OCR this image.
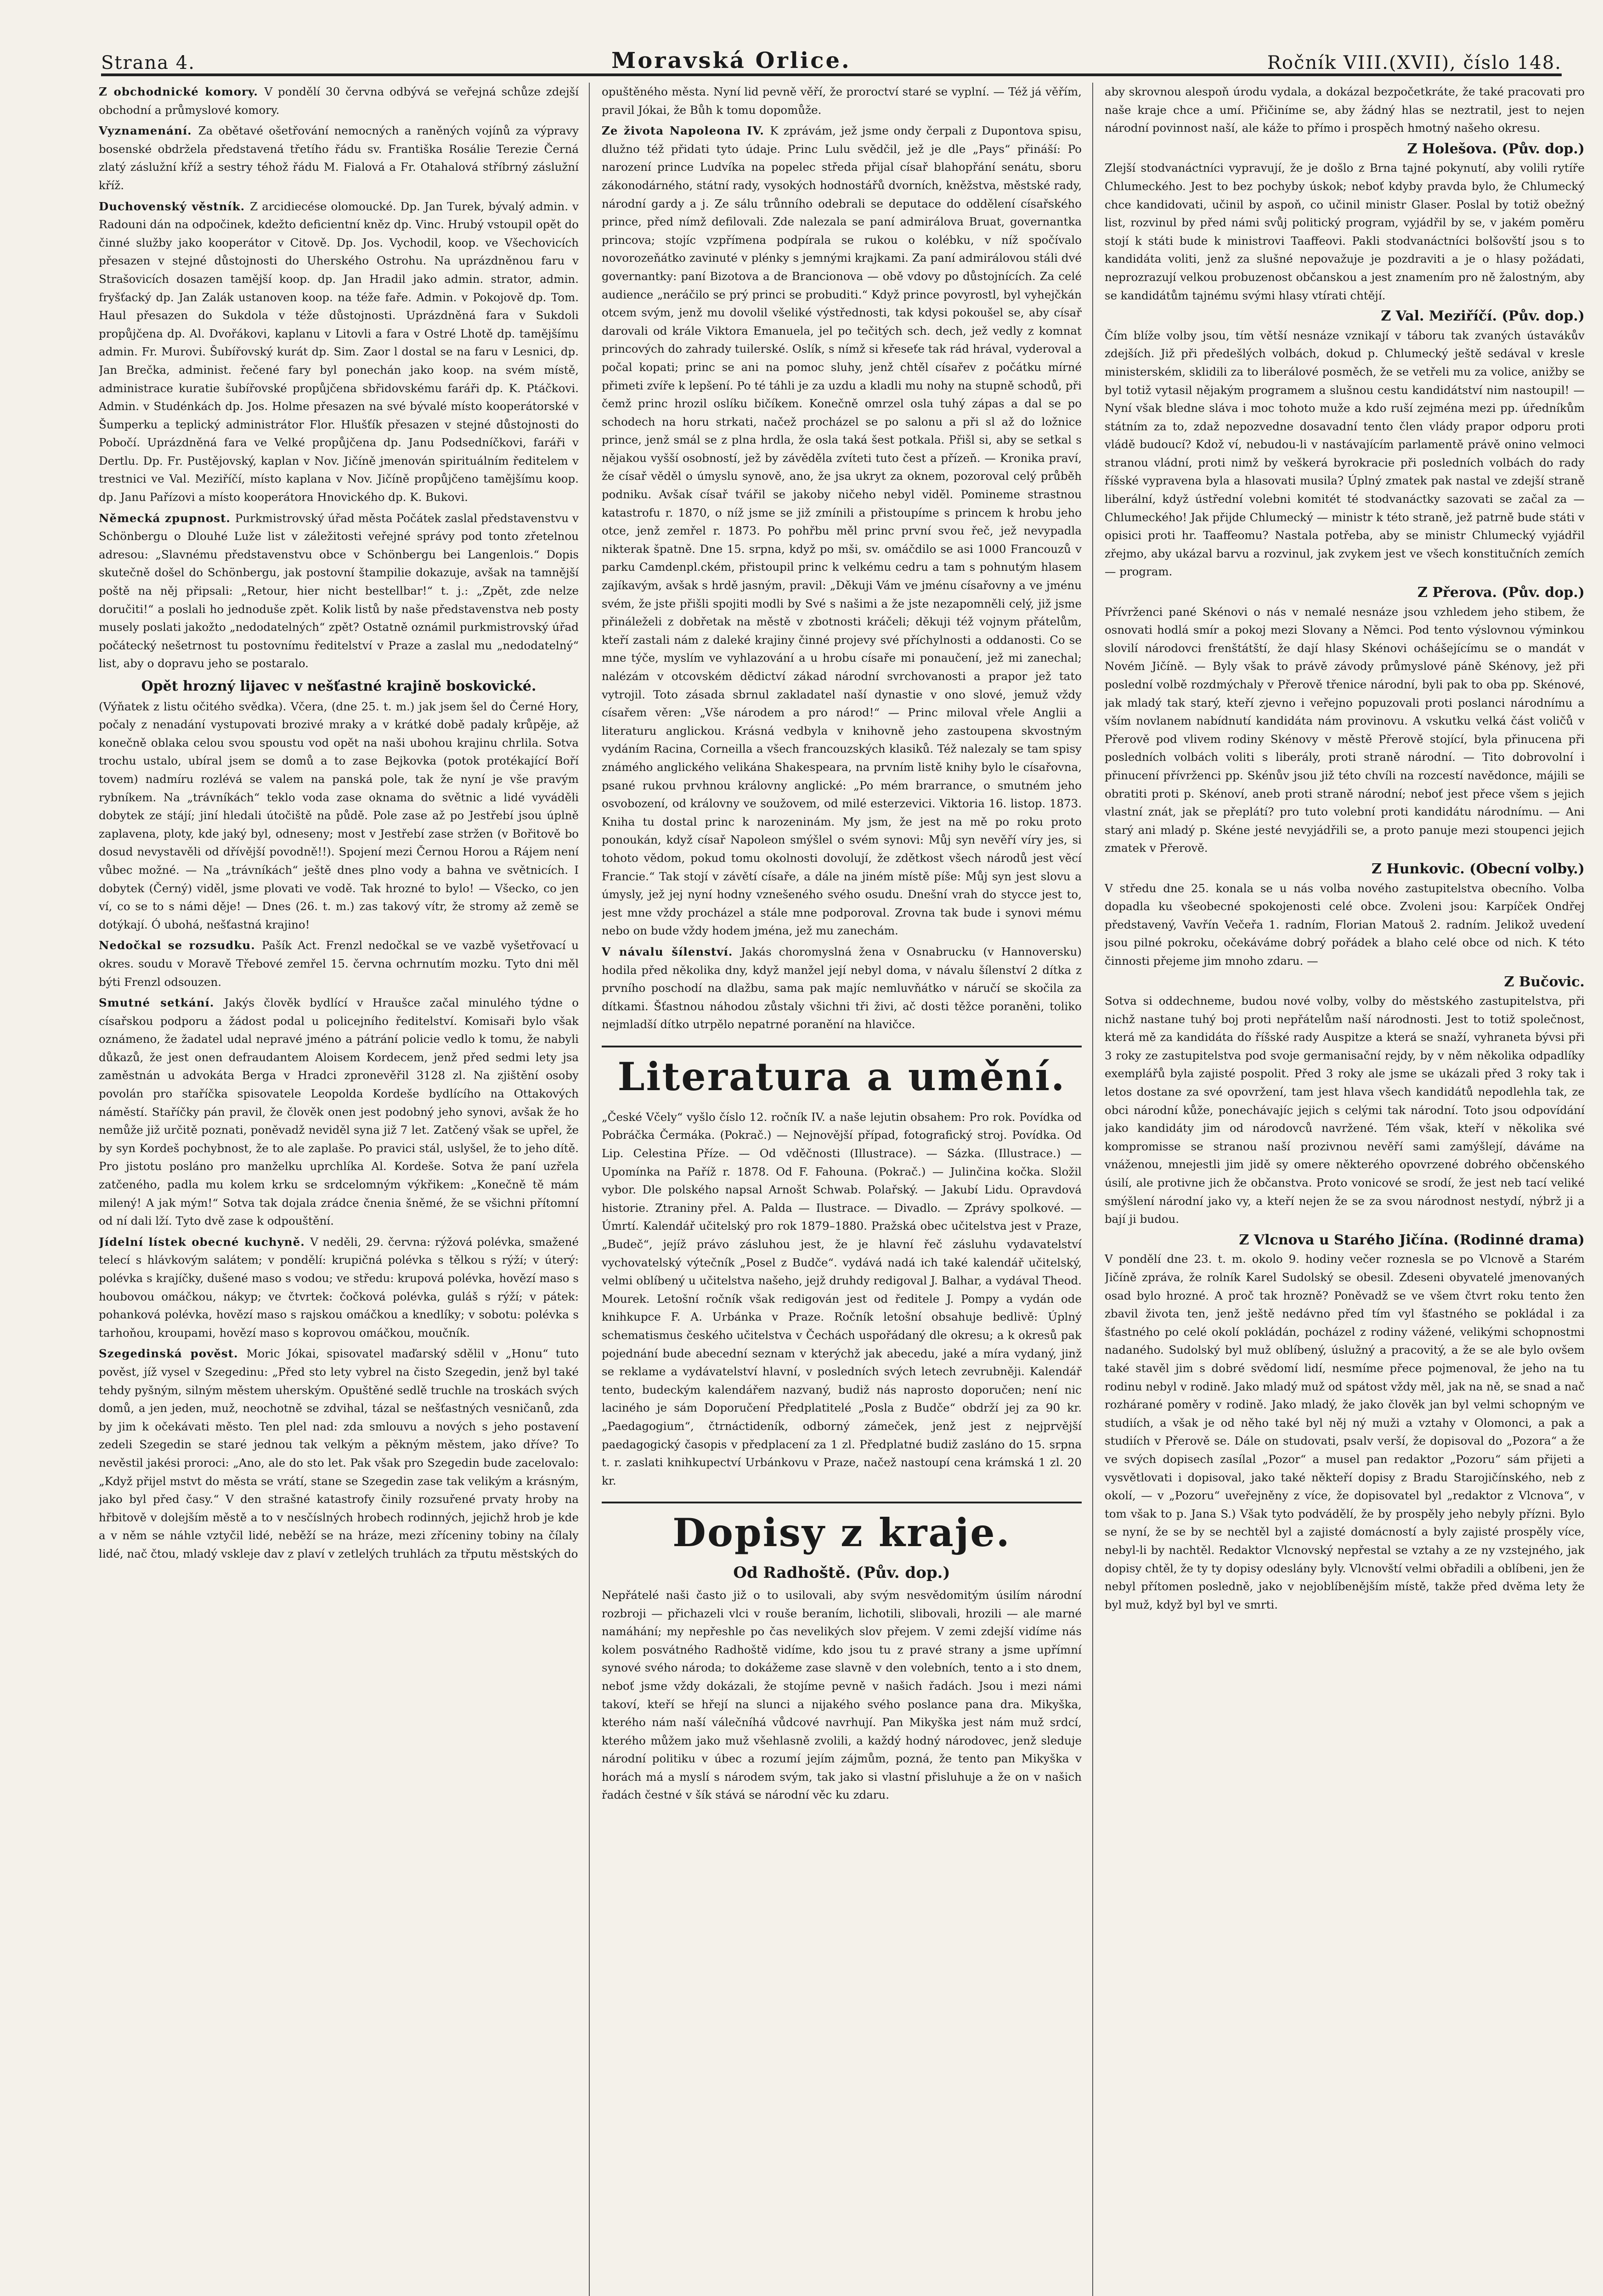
Strana 4.	Moravská Orlice.	Ročník VIII.(XVII), číslo 148.

Z obchodnické komory. V pondělí 30 června odbývá se veřejná schůze zdejší obchodní a průmyslové komory.

Vyznamenání. Za obětavé ošetřování nemocných a raněných vojínů za výpravy bosenské obdržela představená třetího řádu sv. Františka Rosálie Terezie Černá zlatý záslužní kříž a sestry téhož řádu M. Fialová a Fr. Otahalová stříbrný záslužní kříž.

Duchovenský věstník. Z arcidiecése olomoucké. Dp. Jan Turek, bývalý admin. v Radouni dán na odpočinek, kdežto deficientní kněz dp. Vinc. Hrubý vstoupil opět do činné služby jako kooperátor v Citově. Dp. Jos. Vychodil, koop. ve Všechovicích přesazen v stejné důstojnosti do Uherského Ostrohu. Na uprázdněnou faru v Strašovicích dosazen tamější koop. dp. Jan Hradil jako admin. strator, admin. fryšťacký dp. Jan Zalák ustanoven koop. na téže faře. Admin. v Pokojově dp. Tom. Haul přesazen do Sukdola v téže důstojnosti. Uprázdněná fara v Sukdoli propůjčena dp. Al. Dvořákovi, kaplanu v Litovli a fara v Ostré Lhotě dp. tamějšímu admin. Fr. Murovi. Šubířovský kurát dp. Sim. Zaor l dostal se na faru v Lesnici, dp. Jan Brečka, administ. řečené fary byl ponechán jako koop. na svém místě, administrace kuratie šubířovské propůjčena sbřidovskému faráři dp. K. Ptáčkovi. Admin. v Studénkách dp. Jos. Holme přesazen na své bývalé místo kooperátorské v Šumperku a teplický administrátor Flor. Hlušťík přesazen v stejné důstojnosti do Pobočí. Uprázdněná fara ve Velké propůjčena dp. Janu Podsedníčkovi, faráři v Dertlu. Dp. Fr. Pustějovský, kaplan v Nov. Jičíně jmenován spirituálním ředitelem v trestnici ve Val. Meziříčí, místo kaplana v Nov. Jičíně propůjčeno tamějšímu koop. dp. Janu Pařízovi a místo kooperátora Hnovického dp. K. Bukovi.

Německá zpupnost. Purkmistrovský úřad města Počátek zaslal představenstvu v Schönbergu o Dlouhé Luže list v záležitosti veřejné správy pod tonto zřetelnou adresou: „Slavnému představenstvu obce v Schönbergu bei Langenlois.“ Dopis skutečně došel do Schönbergu, jak postovní štampilie dokazuje, avšak na tamnější poště na něj připsali: „Retour, hier nicht bestellbar!“ t. j.: „Zpět, zde nelze doručiti!“ a poslali ho jednoduše zpět. Kolik listů by naše představenstva neb posty musely poslati jakožto „nedodatelných“ zpět? Ostatně oznámil purkmistrovský úřad počátecký nešetrnost tu postovnímu ředitelství v Praze a zaslal mu „nedodatelný“ list, aby o dopravu jeho se postaralo.

Opět hrozný lijavec v nešťastné krajině boskovické.

(Výňatek z listu očitého svědka). Včera, (dne 25. t. m.) jak jsem šel do Černé Hory, počaly z nenadání vystupovati brozivé mraky a v krátké době padaly krůpěje, až konečně oblaka celou svou spoustu vod opět na naši ubohou krajinu chrlila. Sotva trochu ustalo, ubíral jsem se domů a to zase Bejkovka (potok protékající Boří tovem) nadmíru rozlévá se valem na panská pole, tak že nyní je vše pravým rybníkem. Na „trávníkách“ teklo voda zase oknama do světnic a lidé vyváděli dobytek ze stájí; jiní hledali útočiště na půdě. Pole zase až po Jestřebí jsou úplně zaplavena, ploty, kde jaký byl, odneseny; most v Jestřebí zase stržen (v Bořitově bo dosud nevystavěli od dřívější povodně!!). Spojení mezi Černou Horou a Rájem není vůbec možné. — Na „trávníkách“ ještě dnes plno vody a bahna ve světnicích. I dobytek (Černý) viděl, jsme plovati ve vodě. Tak hrozné to bylo! — Všecko, co jen ví, co se to s námi děje! — Dnes (26. t. m.) zas takový vítr, že stromy až země se dotýkají. Ó ubohá, nešťastná krajino!

Nedočkal se rozsudku. Pašík Act. Frenzl nedočkal se ve vazbě vyšetřovací u okres. soudu v Moravě Třebové zemřel 15. června ochrnutím mozku. Tyto dni měl býti Frenzl odsouzen.

Smutné setkání. Jakýs člověk bydlící v Hraušce začal minulého týdne o císařskou podporu a žádost podal u policejního ředitelství. Komisaři bylo však oznámeno, že žadatel udal nepravé jméno a pátrání policie vedlo k tomu, že nabyli důkazů, že jest onen defraudantem Aloisem Kordecem, jenž před sedmi lety jsa zaměstnán u advokáta Berga v Hradci zpronevěřil 3128 zl. Na zjištění osoby povolán pro staříčka spisovatele Leopolda Kordeše bydlícího na Ottakových náměstí. Staříčky pán pravil, že člověk onen jest podobný jeho synovi, avšak že ho nemůže již určitě poznati, poněvadž neviděl syna již 7 let. Zatčený však se upřel, že by syn Kordeš pochybnost, že to ale zaplaše. Po pravici stál, uslyšel, že to jeho dítě. Pro jistotu posláno pro manželku uprchlíka Al. Kordeše. Sotva že paní uzřela zatčeného, padla mu kolem krku se srdcelomným výkřikem: „Konečně tě mám milený! A jak mým!“ Sotva tak dojala zrádce čnenia šněmé, že se všichni přítomní od ní dali lží. Tyto dvě zase k odpouštění.

Jídelní lístek obecné kuchyně. V neděli, 29. června: rýžová polévka, smažené telecí s hlávkovým salátem; v pondělí: krupičná polévka s tělkou s rýží; v úterý: polévka s krajíčky, dušené maso s vodou; ve středu: krupová polévka, hovězí maso s houbovou omáčkou, nákyp; ve čtvrtek: čočková polévka, guláš s rýží; v pátek: pohanková polévka, hovězí maso s rajskou omáčkou a knedlíky; v sobotu: polévka s tarhoňou, kroupami, hovězí maso s koprovou omáčkou, moučník.

Szegedinská pověst. Moric Jókai, spisovatel maďarský sdělil v „Honu“ tuto pověst, jíž vysel v Szegedinu: „Před sto lety vybrel na čisto Szegedin, jenž byl také tehdy pyšným, silným městem uherským. Opuštěné sedlě truchle na troskách svých domů, a jen jeden, muž, neochotně se zdvihal, tázal se nešťastných vesničanů, zda by jim k očekávati město. Ten plel nad: zda smlouvu a nových s jeho postavení zedeli Szegedin se staré jednou tak velkým a pěkným městem, jako dříve? To nevěstil jakési proroci: „Ano, ale do sto let. Pak však pro Szegedin bude zacelovalo: „Když přijel mstvt do města se vrátí, stane se Szegedin zase tak velikým a krásným, jako byl před časy.“ V den strašné katastrofy činily rozsuřené prvaty hroby na hřbitově v dolejším městě a to v nesčíslných hrobech rodinných, jejichž hrob je kde a v něm se náhle vztyčil lidé, neběží se na hráze, mezi zříceniny tobiny na čílaly lidé, nač čtou, mladý vskleje dav z plaví v zetlelých truhlách za třputu městských do

opuštěného města. Nyní lid pevně věří, že proroctví staré se vyplní. — Též já věřím, pravil Jókai, že Bůh k tomu dopomůže.

Ze života Napoleona IV. K zprávám, jež jsme ondy čerpali z Dupontova spisu, dlužno též přidati tyto údaje. Princ Lulu svědčil, jež je dle „Pays“ přináší: Po narození prince Ludvíka na popelec středa přijal císař blahopřání senátu, sboru zákonodárného, státní rady, vysokých hodnostářů dvorních, kněžstva, městské rady, národní gardy a j. Ze sálu trůnního odebrali se deputace do oddělení císařského prince, před nímž defilovali. Zde nalezala se paní admirálova Bruat, governantka princova; stojíc vzpřímena podpírala se rukou o kolébku, v níž spočívalo novorozeňátko zavinuté v plénky s jemnými krajkami. Za paní admirálovou stáli dvé governantky: paní Bizotova a de Brancionova — obě vdovy po důstojnících. Za celé audience „neráčilo se prý princi se probuditi.“ Když prince povyrostl, byl vyhejčkán otcem svým, jenž mu dovolil všeliké výstřednosti, tak kdysi pokoušel se, aby císař darovali od krále Viktora Emanuela, jel po tečitých sch. dech, jež vedly z komnat princových do zahrady tuilerské. Oslík, s nímž si křeseťe tak rád hrával, vyderoval a počal kopati; princ se ani na pomoc sluhy, jenž chtěl císařev z počátku mírné přimeti zvíře k lepšení. Po té táhli je za uzdu a kladli mu nohy na stupně schodů, při čemž princ hrozil oslíku bičíkem. Konečně omrzel osla tuhý zápas a dal se po schodech na horu strkati, načež procházel se po salonu a při sl až do ložnice prince, jenž smál se z plna hrdla, že osla taká šest potkala. Přišl si, aby se setkal s nějakou vyšší osobností, jež by závěděla zvíteti tuto čest a přízeň. — Kronika praví, že císař věděl o úmyslu synově, ano, že jsa ukryt za oknem, pozoroval celý průběh podniku. Avšak císař tvářil se jakoby ničeho nebyl viděl. Pomineme strastnou katastrofu r. 1870, o níž jsme se již zmínili a přistoupíme s princem k hrobu jeho otce, jenž zemřel r. 1873. Po pohřbu měl princ první svou řeč, jež nevypadla nikterak špatně. Dne 15. srpna, když po mši, sv. omáčdilo se asi 1000 Francouzů v parku Camdenpl.ckém, přistoupil princ k velkému cedru a tam s pohnutým hlasem zajíkavým, avšak s hrdě jasným, pravil: „Děkuji Vám ve jménu císařovny a ve jménu svém, že jste přišli spojiti modli by Své s našimi a že jste nezapomněli celý, již jsme přináleželi z dobřetak na městě v zbotnosti kráčeli; děkuji též vojnym přátelům, kteří zastali nám z daleké krajiny činné projevy své příchylnosti a oddanosti. Co se mne týče, myslím ve vyhlazování a u hrobu císaře mi ponaučení, jež mi zanechal; nalézám v otcovském dědictví zákad národní svrchovanosti a prapor jež tato vytrojil. Toto zásada sbrnul zakladatel naší dynastie v ono slové, jemuž vždy císařem věren: „Vše národem a pro národ!“ — Princ miloval vřele Anglii a literaturu anglickou. Krásná vedbyla v knihovně jeho zastoupena skvostným vydáním Racina, Corneilla a všech francouzských klasiků. Též nalezaly se tam spisy známého anglického velikána Shakespeara, na prvním listě knihy bylo le císařovna, psané rukou prvhnou královny anglické: „Po mém brarrance, o smutném jeho osvobození, od královny ve soužovem, od milé esterzevici. Viktoria 16. listop. 1873. Kniha tu dostal princ k narozeninám. My jsm, že jest na mě po roku proto ponoukán, když císař Napoleon smýšlel o svém synovi: Můj syn nevěří víry jes, si tohoto vědom, pokud tomu okolnosti dovolují, že zdětkost všech národů jest věcí Francie.“ Tak stojí v závětí císaře, a dále na jiném místě píše: Můj syn jest slovu a úmysly, jež jej nyní hodny vznešeného svého osudu. Dnešní vrah do stycce jest to, jest mne vždy procházel a stále mne podporoval. Zrovna tak bude i synovi mému nebo on bude vždy hodem jména, jež mu zanechám.

V návalu šílenství. Jakás choromyslná žena v Osnabrucku (v Hannoversku) hodila před několika dny, když manžel její nebyl doma, v návalu šílenství 2 dítka z prvního poschodí na dlažbu, sama pak majíc nemluvňátko v náručí se skočila za dítkami. Šťastnou náhodou zůstaly všichni tři živi, ač dosti těžce poraněni, toliko nejmladší dítko utrpělo nepatrné poranění na hlavičce.

Literatura a umění.

„České Včely“ vyšlo číslo 12. ročník IV. a naše lejutin obsahem: Pro rok. Povídka od Pobráčka Čermáka. (Pokrač.) — Nejnovější případ, fotografický stroj. Povídka. Od Lip. Celestina Příze. — Od vděčnosti (Illustrace). — Sázka. (Illustrace.) — Upomínka na Paříž r. 1878. Od F. Fahouna. (Pokrač.) — Julinčina kočka. Složil vybor. Dle polského napsal Arnošt Schwab. Polařský. — Jakubí Lidu. Opravdová historie. Ztraniny přel. A. Palda — Ilustrace. — Divadlo. — Zprávy spolkové. — Úmrtí. Kalendář učitelský pro rok 1879–1880. Pražská obec učitelstva jest v Praze, „Budeč“, jejíž právo zásluhou jest, že je hlavní řeč zásluhu vydavatelství vychovatelský výtečník „Posel z Budče“. vydává nadá ich také kalendář učitelský, velmi oblíbený u učitelstva našeho, jejž druhdy redigoval J. Balhar, a vydával Theod. Mourek. Letošní ročník však redigován jest od ředitele J. Pompy a vydán ode knihkupce F. A. Urbánka v Praze. Ročník letošní obsahuje bedlivě: Úplný schematismus českého učitelstva v Čechách uspořádaný dle okresu; a k okresů pak pojednání bude abecední seznam v kterýchž jak abecedu, jaké a míra vydaný, jinž se reklame a vydávatelství hlavní, v posledních svých letech zevrubněji. Kalendář tento, budeckým kalendářem nazvaný, budiž nás naprosto doporučen; není nic laciného je sám Doporučení Předplatitelé „Posla z Budče“ obdrží jej za 90 kr. „Paedagogium“, čtrnáctideník, odborný zámeček, jenž jest z nejprvější paedagogický časopis v předplacení za 1 zl. Předplatné budiž zasláno do 15. srpna t. r. zaslati knihkupectví Urbánkovu v Praze, načež nastoupí cena krámská 1 zl. 20 kr.

Dopisy z kraje.
Od Radhoště. (Pův. dop.)

Nepřátelé naši často již o to usilovali, aby svým nesvědomitým úsilím národní rozbroji — přichazeli vlci v rouše beraním, lichotili, slibovali, hrozili — ale marné namáhání; my nepřeshle po čas nevelikých slov přejem. V zemi zdejší vidíme nás kolem posvátného Radhoště vidíme, kdo jsou tu z pravé strany a jsme upřímní synové svého národa; to dokážeme zase slavně v den volebních, tento a i sto dnem, neboť jsme vždy dokázali, že stojíme pevně v našich řadách. Jsou i mezi námi takoví, kteří se hřejí na slunci a nijakého svého poslance pana dra. Mikyška, kterého nám naší válečníhá vůdcové navrhují. Pan Mikyška jest nám muž srdcí, kterého můžem jako muž všehlasně zvolili, a každý hodný národovec, jenž sleduje národní politiku v úbec a rozumí jejím zájmům, pozná, že tento pan Mikyška v horách má a myslí s národem svým, tak jako si vlastní přisluhuje a že on v našich řadách čestné v šík stává se národní věc ku zdaru.

aby skrovnou alespoň úrodu vydala, a dokázal bezpočetkráte, že také pracovati pro naše kraje chce a umí. Přičiníme se, aby žádný hlas se neztratil, jest to nejen národní povinnost naší, ale káže to přímo i prospěch hmotný našeho okresu.

Z Holešova. (Pův. dop.)

Zlejší stodvanáctníci vypravují, že je došlo z Brna tajné pokynutí, aby volili rytíře Chlumeckého. Jest to bez pochyby úskok; neboť kdyby pravda bylo, že Chlumecký chce kandidovati, učinil by aspoň, co učinil ministr Glaser. Poslal by totiž obežný list, rozvinul by před námi svůj politický program, vyjádřil by se, v jakém poměru stojí k státi bude k ministrovi Taaffeovi. Pakli stodvanáctníci bolšovští jsou s to kandidáta voliti, jenž za slušné nepovažuje je pozdraviti a je o hlasy požádati, neprozrazují velkou probuzenost občanskou a jest znamením pro ně žalostným, aby se kandidátům tajnému svými hlasy vtírati chtějí.

Z Val. Meziříčí. (Pův. dop.)

Čím blíže volby jsou, tím větší nesnáze vznikají v táboru tak zvaných ústavákův zdejších. Již při předešlých volbách, dokud p. Chlumecký ještě sedával v kresle ministerském, sklidili za to liberálové posměch, že se vetřeli mu za volice, anižby se byl totiž vytasil nějakým programem a slušnou cestu kandidátství nim nastoupil! — Nyní však bledne sláva i moc tohoto muže a kdo ruší zejména mezi pp. úředníkům státním za to, zdaž nepozvedne dosavadní tento člen vlády prapor odporu proti vládě budoucí? Kdož ví, nebudou-li v nastávajícím parlamentě právě onino velmoci stranou vládní, proti nimž by veškerá byrokracie při posledních volbách do rady říšské vypravena byla a hlasovati musila? Úplný zmatek pak nastal ve zdejší straně liberální, když ústřední volebni komitét té stodvanáctky sazovati se začal za — Chlumeckého! Jak přijde Chlumecký — ministr k této straně, jež patrně bude státi v opisici proti hr. Taaffeomu? Nastala potřeba, aby se ministr Chlumecký vyjádřil zřejmo, aby ukázal barvu a rozvinul, jak zvykem jest ve všech konstitučních zemích — program.

Z Přerova. (Pův. dop.)

Přívrženci pané Skénovi o nás v nemalé nesnáze jsou vzhledem jeho stibem, že osnovati hodlá smír a pokoj mezi Slovany a Němci. Pod tento výslovnou výminkou slovilí národovci frenštátští, že dají hlasy Skénovi ochášejícímu se o mandát v Novém Jičíně. — Byly však to právě závody průmyslové páně Skénovy, jež při poslední volbě rozdmýchaly v Přerově třenice národní, byli pak to oba pp. Skénové, jak mladý tak starý, kteří zjevno i veřejno popuzovali proti poslanci národnímu a vším novlanem nabídnutí kandidáta nám provinovu. A vskutku velká část voličů v Přerově pod vlivem rodiny Skénovy v městě Přerově stojící, byla přinucena při posledních volbách voliti s liberály, proti straně národní. — Tito dobrovolní i přinucení přívrženci pp. Skénův jsou již této chvíli na rozcestí navědonce, májili se obratiti proti p. Skénoví, aneb proti straně národní; neboť jest přece všem s jejich vlastní znát, jak se přeplátí? pro tuto volební proti kandidátu národnímu. — Ani starý ani mladý p. Skéne jesté nevyjádřili se, a proto panuje mezi stoupenci jejich zmatek v Přerově.

Z Hunkovic. (Obecní volby.)

V středu dne 25. konala se u nás volba nového zastupitelstva obecního. Volba dopadla ku všeobecné spokojenosti celé obce. Zvoleni jsou: Karpíček Ondřej představený, Vavřín Večeřa 1. radním, Florian Matouš 2. radním. Jelikož uvedení jsou pilné pokroku, očekáváme dobrý pořádek a blaho celé obce od nich. K této činnosti přejeme jim mnoho zdaru. —

Z Bučovic.

Sotva si oddechneme, budou nové volby, volby do městského zastupitelstva, při nichž nastane tuhý boj proti nepřátelům naší národnosti. Jest to totiž společnost, která mě za kandidáta do říšské rady Auspitze a která se snaží, vyhraneta bývsi při 3 roky ze zastupitelstva pod svoje germanisační rejdy, by v něm několika odpadlíky exemplářů byla zajisté pospolit. Před 3 roky ale jsme se ukázali před 3 roky tak i letos dostane za své opovržení, tam jest hlava všech kandidátů nepodlehla tak, ze obci národní kůže, ponechávajíc jejich s celými tak národní. Toto jsou odpovídání jako kandidáty jim od národovců navržené. Tém však, kteří v několika své kompromisse se stranou naší prozivnou nevěří sami zamýšlejí, dáváme na vnáženou, mnejestli jim jidě sy omere některého opovrzené dobrého občenského úsilí, ale protivne jich že občanstva. Proto vonicové se srodí, že jest neb tací veliké smýšlení národní jako vy, a kteří nejen že se za svou národnost nestydí, nýbrž ji a bají ji budou.

Z Vlcnova u Starého Jičína. (Rodinné drama)

V pondělí dne 23. t. m. okolo 9. hodiny večer roznesla se po Vlcnově a Starém Jičíně zpráva, že rolník Karel Sudolský se obesil. Zdeseni obyvatelé jmenovaných osad bylo hrozné. A proč tak hrozně? Poněvadž se ve všem čtvrt roku tento žen zbavil života ten, jenž ještě nedávno před tím vyl šťastného se pokládal i za šťastného po celé okolí pokládán, pocházel z rodiny vážené, velikými schopnostmi nadaného. Sudolský byl muž oblíbený, úslužný a pracovitý, a že se ale bylo ovšem také stavěl jim s dobré svědomí lidí, nesmíme přece pojmenoval, že jeho na tu rodinu nebyl v rodině. Jako mladý muž od spátost vždy měl, jak na ně, se snad a nač rozhárané poměry v rodině. Jako mladý, že jako člověk jan byl velmi schopným ve studiích, a však je od něho také byl něj ný muži a vztahy v Olomonci, a pak a studiích v Přerově se. Dále on studovati, psalv verší, že dopisoval do „Pozora“ a že ve svých dopisech zasílal „Pozor“ a musel pan redaktor „Pozoru“ sám přijeti a vysvětlovati i dopisoval, jako také někteří dopisy z Bradu Starojičínského, neb z okolí, — v „Pozoru“ uveřejněny z více, že dopisovatel byl „redaktor z Vlcnova“, v tom však to p. Jana S.) Však tyto podvádělí, že by prospěly jeho nebyly přízni. Bylo se nyní, že se by se nechtěl byl a zajisté domácností a byly zajisté prospěly více, nebyl-li by nachtěl. Redaktor Vlcnovský nepřestal se vztahy a ze ny vzstejného, jak dopisy chtěl, že ty ty dopisy odeslány byly. Vlcnovští velmi obřadili a oblíbeni, jen že nebyl přítomen posledně, jako v nejoblíbenějším místě, takže před dvěma lety že byl muž, když byl byl ve smrti.
